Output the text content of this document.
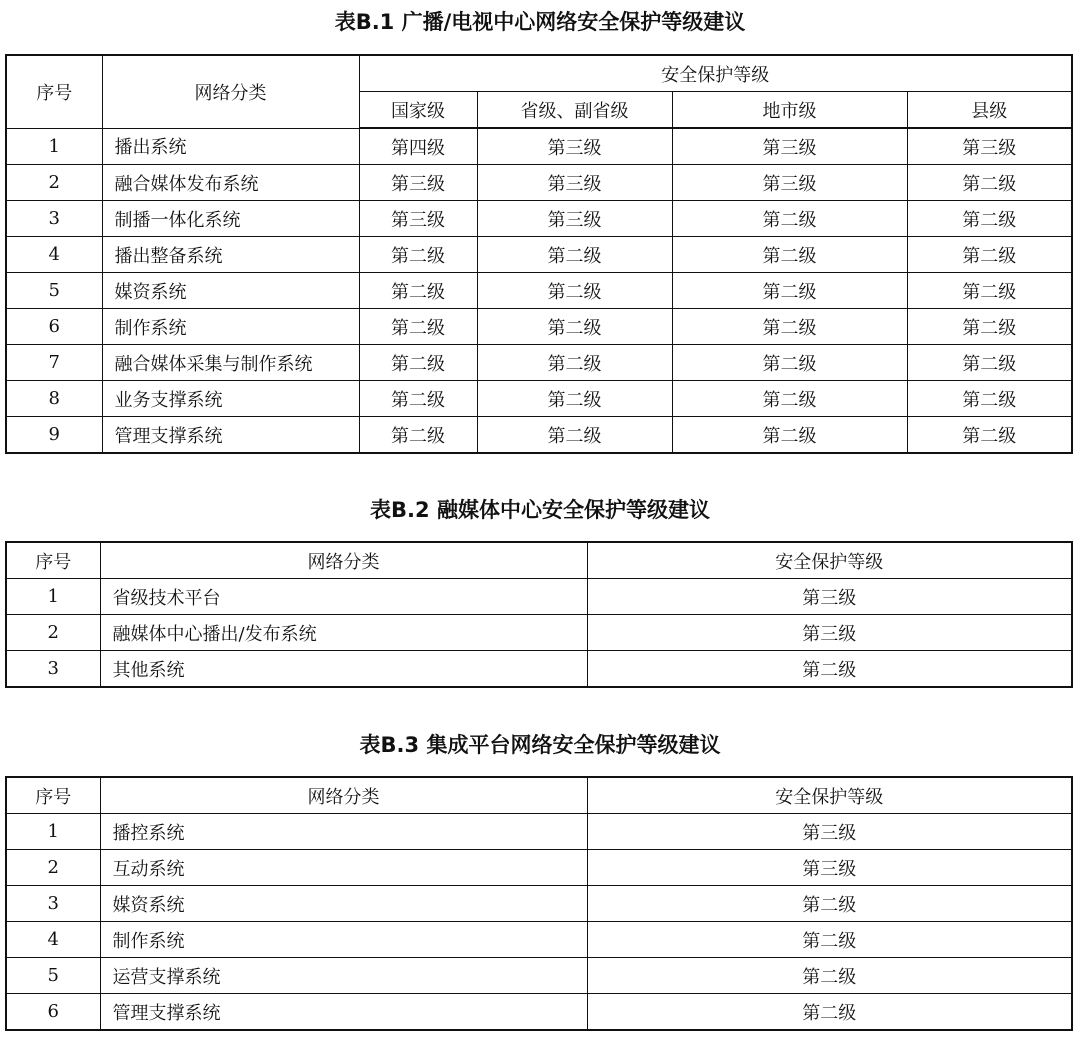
表B.1 广播/电视中心网络安全保护等级建议
序号	网络分类	安全保护等级			
		国家级	省级、副省级	地市级	县级
1	播出系统	第四级	第三级	第三级	第三级
2	融合媒体发布系统	第三级	第三级	第三级	第二级
3	制播一体化系统	第三级	第三级	第二级	第二级
4	播出整备系统	第二级	第二级	第二级	第二级
5	媒资系统	第二级	第二级	第二级	第二级
6	制作系统	第二级	第二级	第二级	第二级
7	融合媒体采集与制作系统	第二级	第二级	第二级	第二级
8	业务支撑系统	第二级	第二级	第二级	第二级
9	管理支撑系统	第二级	第二级	第二级	第二级
表B.2 融媒体中心安全保护等级建议
序号	网络分类	安全保护等级
1	省级技术平台	第三级
2	融媒体中心播出/发布系统	第三级
3	其他系统	第二级
表B.3 集成平台网络安全保护等级建议
序号	网络分类	安全保护等级
1	播控系统	第三级
2	互动系统	第三级
3	媒资系统	第二级
4	制作系统	第二级
5	运营支撑系统	第二级
6	管理支撑系统	第二级
